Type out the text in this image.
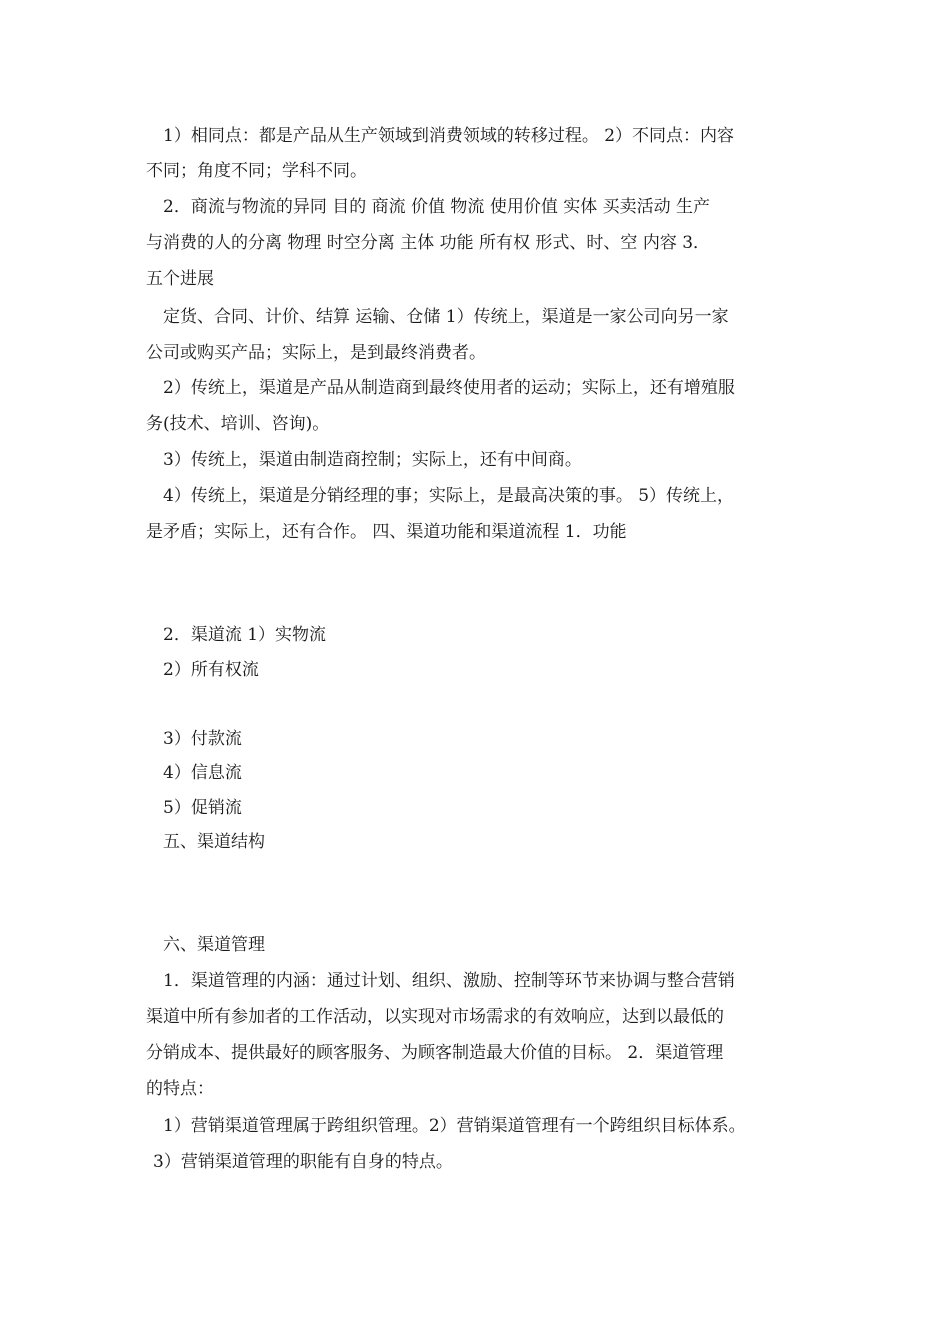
1）相同点：都是产品从生产领域到消费领域的转移过程。 2）不同点：内容
不同；角度不同；学科不同。
2．商流与物流的异同 目的 商流 价值 物流 使用价值 实体 买卖活动 生产
与消费的人的分离 物理 时空分离 主体 功能 所有权 形式、时、空 内容 3．
五个进展
定货、合同、计价、结算 运输、仓储 1）传统上，渠道是一家公司向另一家
公司或购买产品；实际上，是到最终消费者。
2）传统上，渠道是产品从制造商到最终使用者的运动；实际上，还有增殖服
务(技术、培训、咨询)。
3）传统上，渠道由制造商控制；实际上，还有中间商。
4）传统上，渠道是分销经理的事；实际上，是最高决策的事。 5）传统上，
是矛盾；实际上，还有合作。 四、渠道功能和渠道流程 1．功能
2．渠道流 1）实物流
2）所有权流
3）付款流
4）信息流
5）促销流
五、渠道结构
六、渠道管理
1．渠道管理的内涵：通过计划、组织、激励、控制等环节来协调与整合营销
渠道中所有参加者的工作活动，以实现对市场需求的有效响应，达到以最低的
分销成本、提供最好的顾客服务、为顾客制造最大价值的目标。 2．渠道管理
的特点：
1）营销渠道管理属于跨组织管理。2）营销渠道管理有一个跨组织目标体系。
3）营销渠道管理的职能有自身的特点。
